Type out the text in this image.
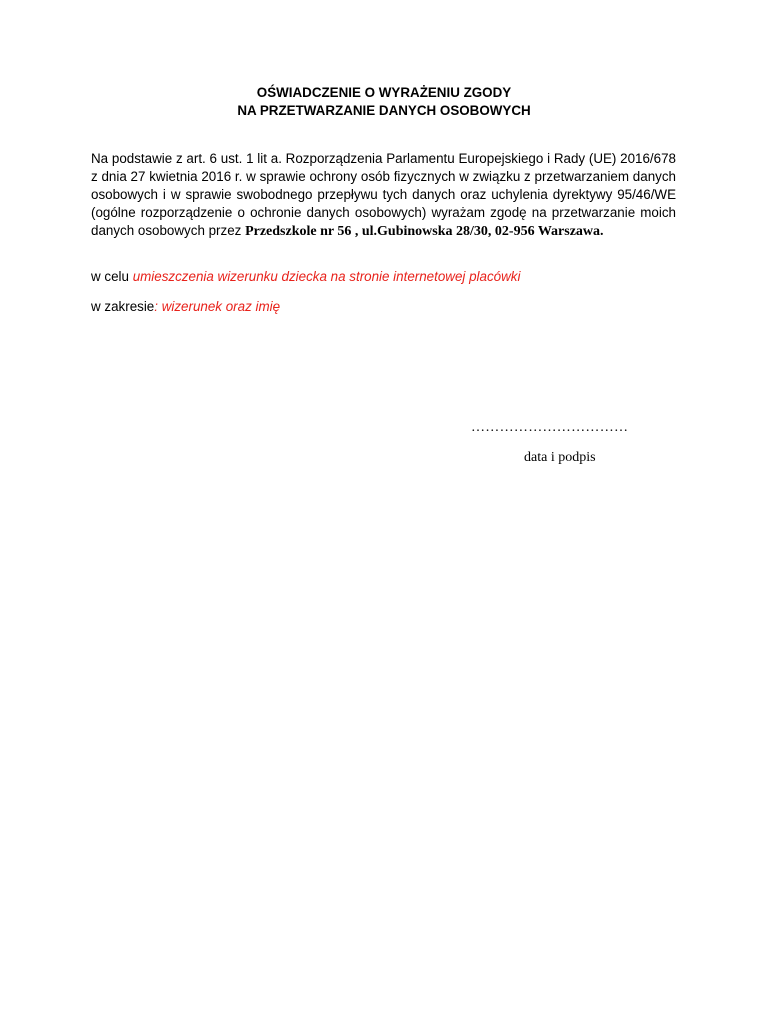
OŚWIADCZENIE O WYRAŻENIU ZGODY
NA PRZETWARZANIE DANYCH OSOBOWYCH
Na podstawie z art. 6 ust. 1 lit a. Rozporządzenia Parlamentu Europejskiego i Rady (UE) 2016/678 z dnia 27 kwietnia 2016 r. w sprawie ochrony osób fizycznych w związku z przetwarzaniem danych osobowych i w sprawie swobodnego przepływu tych danych oraz uchylenia dyrektywy 95/46/WE (ogólne rozporządzenie o ochronie danych osobowych) wyrażam zgodę na przetwarzanie moich danych osobowych przez Przedszkole nr 56 , ul.Gubinowska 28/30, 02-956 Warszawa.
w celu umieszczenia wizerunku dziecka na stronie internetowej placówki
w zakresie: wizerunek oraz imię
……………………………
data i podpis
